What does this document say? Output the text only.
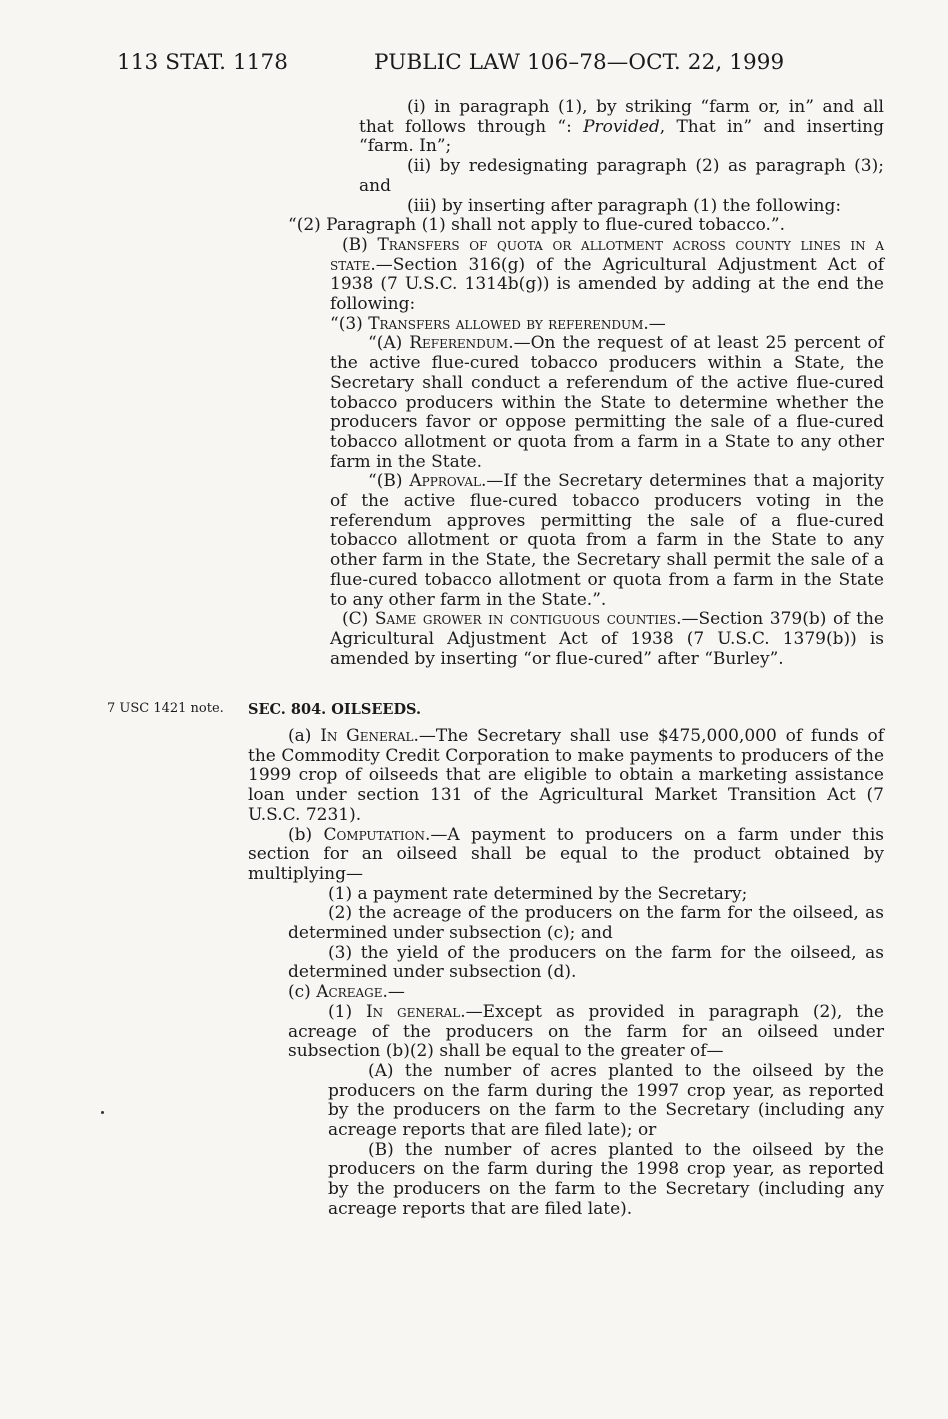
113 STAT. 1178	PUBLIC LAW 106–78—OCT. 22, 1999

(i) in paragraph (1), by striking “farm or, in” and all that follows through “: Provided, That in” and inserting “farm. In”;

(ii) by redesignating paragraph (2) as paragraph (3); and

(iii) by inserting after paragraph (1) the following:

“(2) Paragraph (1) shall not apply to flue-cured tobacco.”.

(B) Transfers of quota or allotment across county lines in a state.—Section 316(g) of the Agricultural Adjustment Act of 1938 (7 U.S.C. 1314b(g)) is amended by adding at the end the following:

“(3) Transfers allowed by referendum.—

“(A) Referendum.—On the request of at least 25 percent of the active flue-cured tobacco producers within a State, the Secretary shall conduct a referendum of the active flue-cured tobacco producers within the State to determine whether the producers favor or oppose permitting the sale of a flue-cured tobacco allotment or quota from a farm in a State to any other farm in the State.

“(B) Approval.—If the Secretary determines that a majority of the active flue-cured tobacco producers voting in the referendum approves permitting the sale of a flue-cured tobacco allotment or quota from a farm in the State to any other farm in the State, the Secretary shall permit the sale of a flue-cured tobacco allotment or quota from a farm in the State to any other farm in the State.”.

(C) Same grower in contiguous counties.—Section 379(b) of the Agricultural Adjustment Act of 1938 (7 U.S.C. 1379(b)) is amended by inserting “or flue-cured” after “Burley”.

7 USC 1421 note. SEC. 804. OILSEEDS.

(a) In General.—The Secretary shall use $475,000,000 of funds of the Commodity Credit Corporation to make payments to producers of the 1999 crop of oilseeds that are eligible to obtain a marketing assistance loan under section 131 of the Agricultural Market Transition Act (7 U.S.C. 7231).

(b) Computation.—A payment to producers on a farm under this section for an oilseed shall be equal to the product obtained by multiplying—

(1) a payment rate determined by the Secretary;

(2) the acreage of the producers on the farm for the oilseed, as determined under subsection (c); and

(3) the yield of the producers on the farm for the oilseed, as determined under subsection (d).

(c) Acreage.—

(1) In general.—Except as provided in paragraph (2), the acreage of the producers on the farm for an oilseed under subsection (b)(2) shall be equal to the greater of—

(A) the number of acres planted to the oilseed by the producers on the farm during the 1997 crop year, as reported by the producers on the farm to the Secretary (including any acreage reports that are filed late); or

(B) the number of acres planted to the oilseed by the producers on the farm during the 1998 crop year, as reported by the producers on the farm to the Secretary (including any acreage reports that are filed late).
